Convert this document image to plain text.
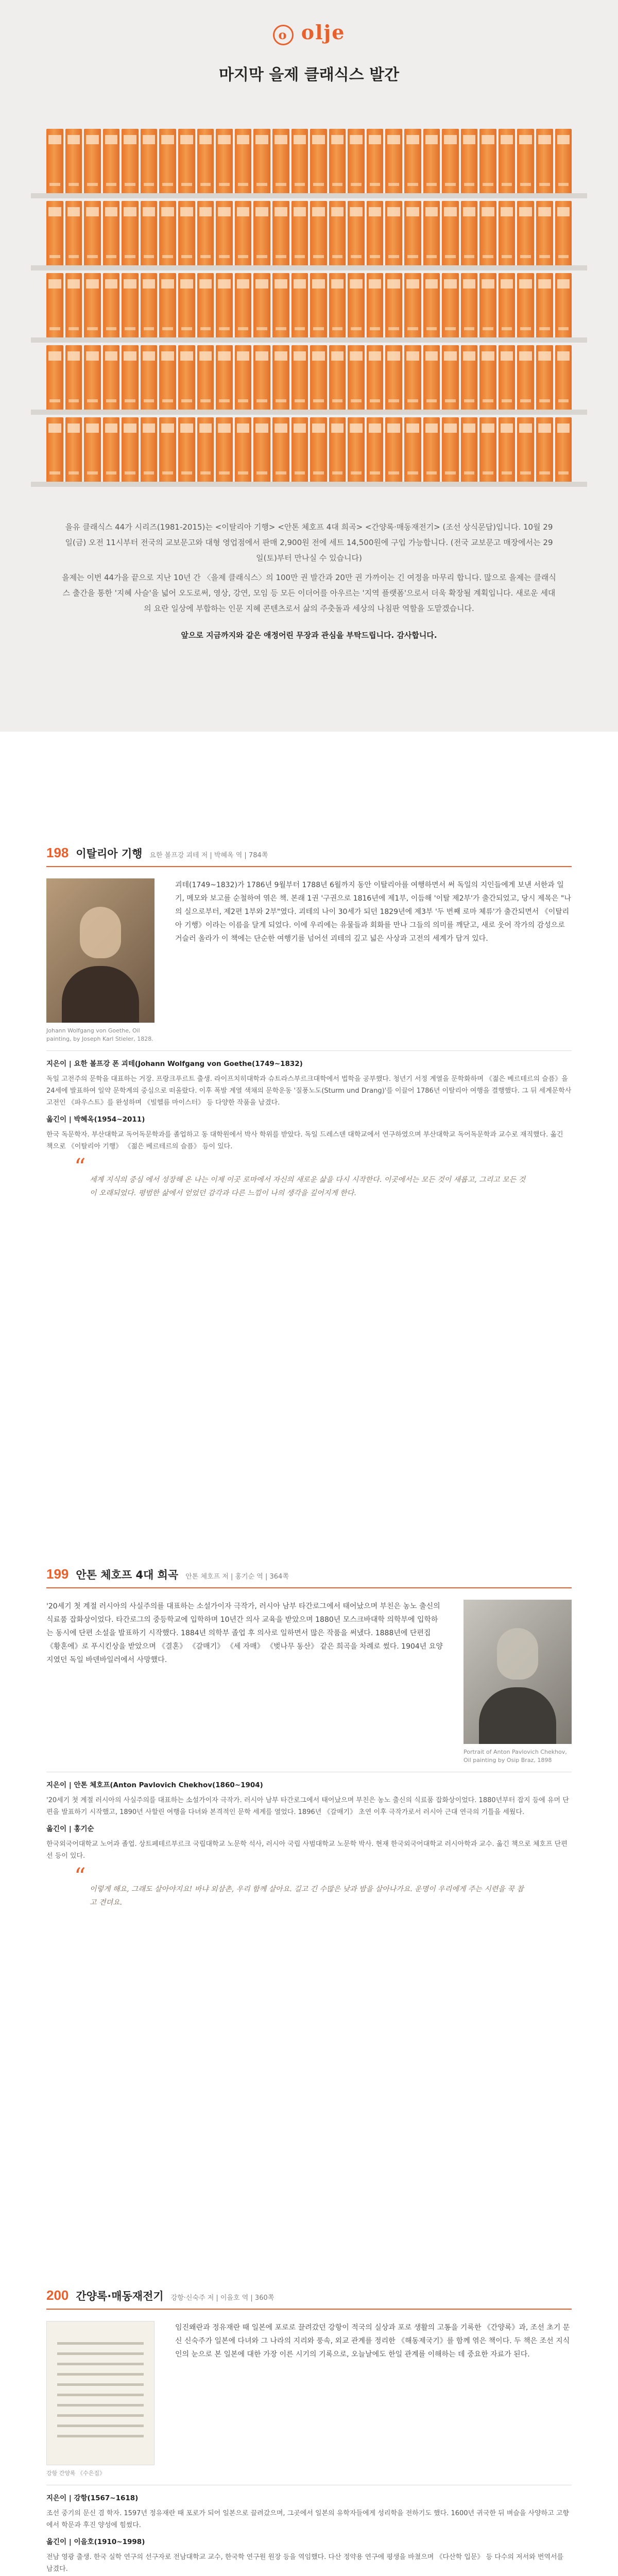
o olje
마지막 을제 클래식스 발간

을유 클래식스 44가 시리즈(1981-2015)는 <이탈리아 기행> <안톤 체호프 4대 희곡> <간양록·매동재전기> (조선 상식문답)입니다. 10월 29일(금) 오전 11시부터 전국의 교보문고와 대형 영업점에서 판매 2,900원 전에 세트 14,500원에 구입 가능합니다. (전국 교보문고 매장에서는 29일(토)부터 만나실 수 있습니다)

을제는 이번 44가을 끝으로 지난 10년 간 〈을제 클래식스〉의 100만 권 발간과 20만 권 가까이는 긴 여정을 마무리 합니다. 많으로 을제는 클래식스 출간을 통한 '지혜 사슬'을 넓어 오도로써, 영상, 강연, 모임 등 모든 이더어를 아우르는 '지역 플랫폼'으로서 더욱 확장될 계획입니다. 새로운 세대의 요란 일상에 부합하는 인문 지혜 콘텐츠로서 삶의 주춧돌과 세상의 나침판 역할을 도맡겠습니다.

앞으로 지금까지와 같은 애정어린 무장과 관심을 부탁드립니다. 감사합니다.

198 이탈리아 기행 요한 볼프강 괴테 저 | 박혜옥 역 | 784쪽
Johann Wolfgang von Goethe, Oil painting, by Joseph Karl Stieler, 1828.

괴테(1749~1832)가 1786년 9월부터 1788년 6월까지 동안 이탈리아를 여행하면서 써 독일의 지인들에게 보낸 서한과 일기, 메모와 보고를 순철하여 엮은 책. 본래 1권 '구권으로 1816년에 제1부, 이듬해 '이탈 제2부'가 출간되었고, 당시 제목은 "나의 실으로부터, 제2편 1부와 2부"였다. 괴테의 나이 30세가 되던 1829년에 제3부 '두 번째 로마 체류'가 출간되면서 《이탈리아 기행》이라는 이름을 달게 되었다. 이에 우리에는 유물들과 회화를 만나 그들의 의미를 깨닫고, 새로 웃어 작가의 감성으로 거슬러 올라가 이 책에는 단순한 여행기를 넘어선 괴테의 깊고 넓은 사상과 고전의 세계가 담겨 있다.

지은이 | 요한 볼프강 폰 괴테(Johann Wolfgang von Goethe(1749~1832)

독일 고전주의 문학을 대표하는 거장. 프랑크푸르트 출생. 라이프치히대학과 슈트라스부르크대학에서 법학을 공부했다. 청년기 서정 계열을 문학화하며 《젊은 베르테르의 슬픔》을 24세에 발표하여 일약 문학계의 중심으로 떠올랐다. 이후 폭발 계열 색채의 문학운동 '질풍노도(Sturm und Drang)'를 이끌어 1786년 이탈리아 여행을 결행했다. 그 뒤 세계문학사 고전인 《파우스트》를 완성하며 《빌헬름 마이스터》 등 다양한 작품을 남겼다.

옮긴이 | 박혜옥(1954~2011)

한국 독문학자. 부산대학교 독어독문학과를 졸업하고 동 대학원에서 박사 학위를 받았다. 독일 드레스덴 대학교에서 연구하였으며 부산대학교 독어독문학과 교수로 재직했다. 옮긴 책으로 《이탈리아 기행》 《젊은 베르테르의 슬픔》 등이 있다.

“ 세계 지식의 중심 에서 성장해 온 나는 이제 이곳 로마에서 자신의 새로운 삶을 다시 시작한다. 이곳에서는 모든 것이 새롭고, 그리고 모든 것이 오래되었다. 평범한 삶에서 얻었던 감각과 다른 느낌이 나의 생각을 깊어지게 한다.
199 안톤 체호프 4대 희곡 안톤 체호프 저 | 홍기순 역 | 364쪽

'20세기 첫 계절 러시아의 사실주의를 대표하는 소설가이자 극작가, 러시아 남부 타간로그에서 태어났으며 부친은 농노 출신의 식료품 잡화상이었다. 타간로그의 중등학교에 입학하며 10년간 의사 교육을 받았으며 1880년 모스크바대학 의학부에 입학하는 동시에 단편 소설을 발표하기 시작했다. 1884년 의학부 졸업 후 의사로 일하면서 많은 작품을 써냈다. 1888년에 단편집 《황혼에》로 푸시킨상을 받았으며 《결혼》 《갈매기》 《세 자매》 《벚나무 동산》 같은 희곡을 차례로 썼다. 1904년 요양지였던 독일 바덴바일러에서 사망했다.

Portrait of Anton Pavlovich Chekhov, Oil painting by Osip Braz, 1898
지은이 | 안톤 체호프(Anton Pavlovich Chekhov(1860~1904)

'20세기 첫 계절 러시아의 사실주의를 대표하는 소설가이자 극작가. 러시아 남부 타간로그에서 태어났으며 부친은 농노 출신의 식료품 잡화상이었다. 1880년부터 잡지 등에 유머 단편을 발표하기 시작했고, 1890년 사할린 여행을 다녀와 본격적인 문학 세계를 열었다. 1896년 《갈매기》 초연 이후 극작가로서 러시아 근대 연극의 기틀을 세웠다.

옮긴이 | 홍기순

한국외국어대학교 노어과 졸업. 상트페테르부르크 국립대학교 노문학 석사, 러시아 국립 사범대학교 노문학 박사. 현재 한국외국어대학교 러시아학과 교수. 옮긴 책으로 체호프 단편선 등이 있다.

“ 이렇게 해요, 그래도 살아야지요! 바냐 외삼촌, 우리 함께 살아요. 길고 긴 수많은 낮과 밤을 살아나가요. 운명이 우리에게 주는 시련을 꾹 참고 견뎌요.
200 간양록·매동재전기 강항·신숙주 저 | 이을호 역 | 360쪽
강항 간양록 《수은집》

임진왜란과 정유재란 때 일본에 포로로 끌려갔던 강항이 적국의 실상과 포로 생활의 고통을 기록한 《간양록》과, 조선 초기 문신 신숙주가 일본에 다녀와 그 나라의 지리와 풍속, 외교 관계를 정리한 《해동제국기》를 함께 엮은 책이다. 두 책은 조선 지식인의 눈으로 본 일본에 대한 가장 이른 시기의 기록으로, 오늘날에도 한일 관계를 이해하는 데 중요한 자료가 된다.

지은이 | 강항(1567~1618)

조선 중기의 문신 겸 학자. 1597년 정유재란 때 포로가 되어 일본으로 끌려갔으며, 그곳에서 일본의 유학자들에게 성리학을 전하기도 했다. 1600년 귀국한 뒤 벼슬을 사양하고 고향에서 학문과 후진 양성에 힘썼다.

옮긴이 | 이을호(1910~1998)

전남 영광 출생. 한국 실학 연구의 선구자로 전남대학교 교수, 한국학 연구원 원장 등을 역임했다. 다산 정약용 연구에 평생을 바쳤으며 《다산학 입문》 등 다수의 저서와 번역서를 남겼다.
